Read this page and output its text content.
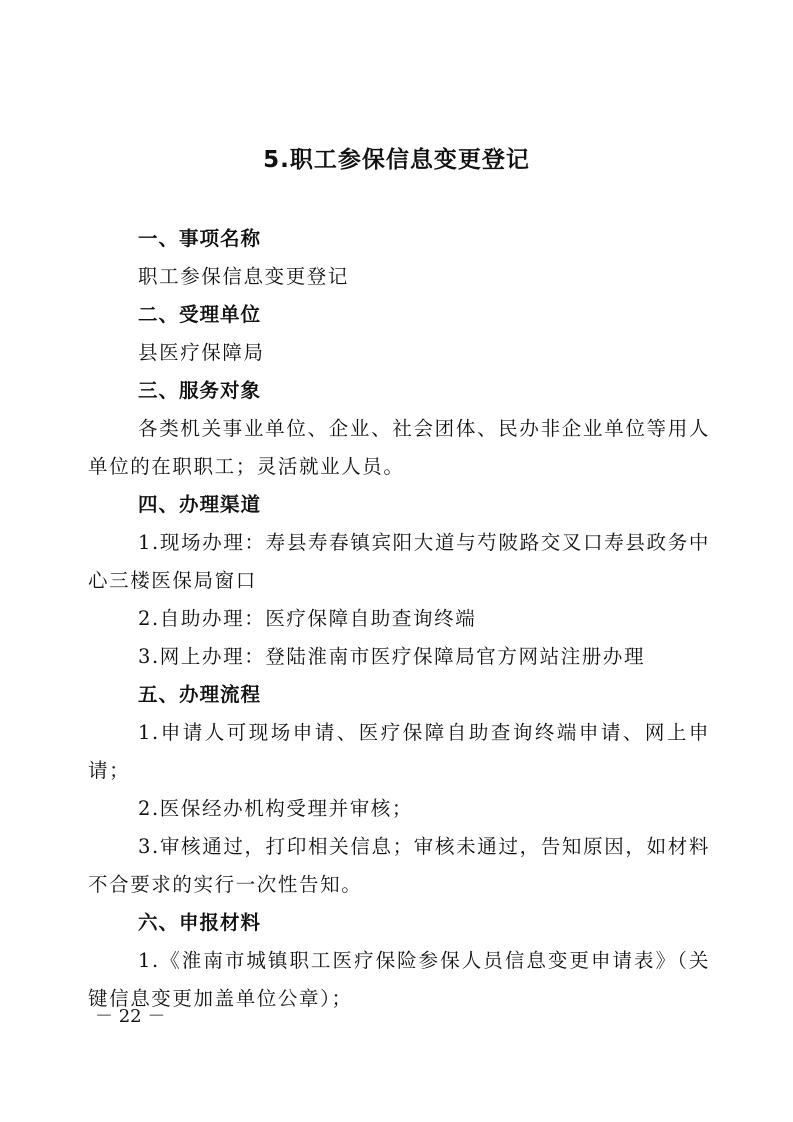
5.职工参保信息变更登记
一、事项名称

职工参保信息变更登记

二、受理单位

县医疗保障局

三、服务对象

各类机关事业单位、企业、社会团体、民办非企业单位等用人单位的在职职工；灵活就业人员。

四、办理渠道

1.现场办理：寿县寿春镇宾阳大道与芍陂路交叉口寿县政务中心三楼医保局窗口

2.自助办理：医疗保障自助查询终端

3.网上办理：登陆淮南市医疗保障局官方网站注册办理

五、办理流程

1.申请人可现场申请、医疗保障自助查询终端申请、网上申请；

2.医保经办机构受理并审核；

3.审核通过，打印相关信息；审核未通过，告知原因，如材料不合要求的实行一次性告知。

六、申报材料

1.《淮南市城镇职工医疗保险参保人员信息变更申请表》（关键信息变更加盖单位公章）；

－ 22 －
